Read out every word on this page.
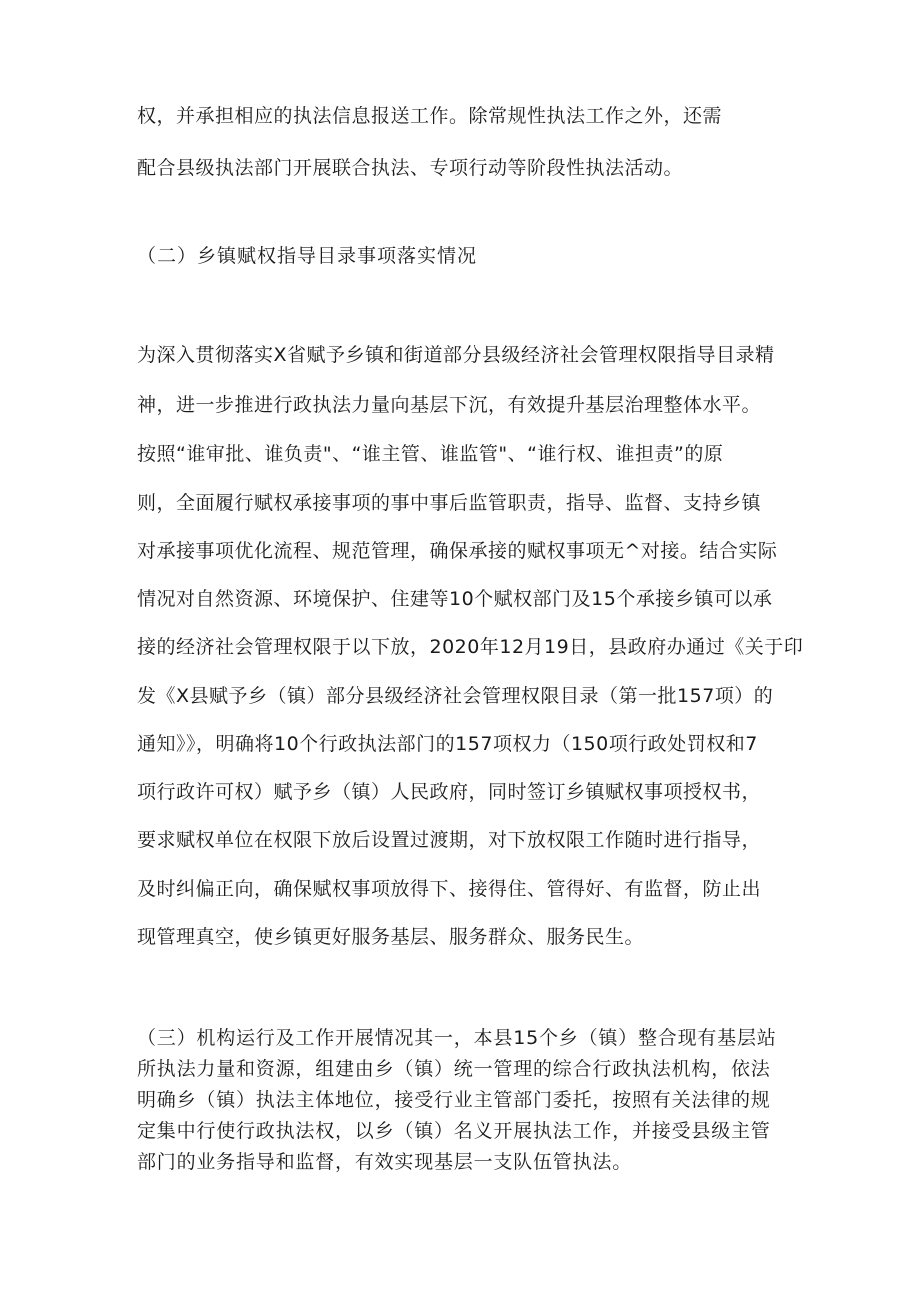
权，并承担相应的执法信息报送工作。除常规性执法工作之外，还需
配合县级执法部门开展联合执法、专项行动等阶段性执法活动。
（二）乡镇赋权指导目录事项落实情况
为深入贯彻落实X省赋予乡镇和街道部分县级经济社会管理权限指导目录精
神，进一步推进行政执法力量向基层下沉，有效提升基层治理整体水平。
按照“谁审批、谁负责"、“谁主管、谁监管"、“谁行权、谁担责”的原
则，全面履行赋权承接事项的事中事后监管职责，指导、监督、支持乡镇
对承接事项优化流程、规范管理，确保承接的赋权事项无^对接。结合实际
情况对自然资源、环境保护、住建等10个赋权部门及15个承接乡镇可以承
接的经济社会管理权限于以下放，2020年12月19日，县政府办通过《关于印
发《X县赋予乡（镇）部分县级经济社会管理权限目录（第一批157项）的
通知》》，明确将10个行政执法部门的157项权力（150项行政处罚权和7
项行政许可权）赋予乡（镇）人民政府，同时签订乡镇赋权事项授权书，
要求赋权单位在权限下放后设置过渡期，对下放权限工作随时进行指导，
及时纠偏正向，确保赋权事项放得下、接得住、管得好、有监督，防止出
现管理真空，使乡镇更好服务基层、服务群众、服务民生。
（三）机构运行及工作开展情况其一，本县15个乡（镇）整合现有基层站
所执法力量和资源，组建由乡（镇）统一管理的综合行政执法机构，依法
明确乡（镇）执法主体地位，接受行业主管部门委托，按照有关法律的规
定集中行使行政执法权，以乡（镇）名义开展执法工作，并接受县级主管
部门的业务指导和监督，有效实现基层一支队伍管执法。
